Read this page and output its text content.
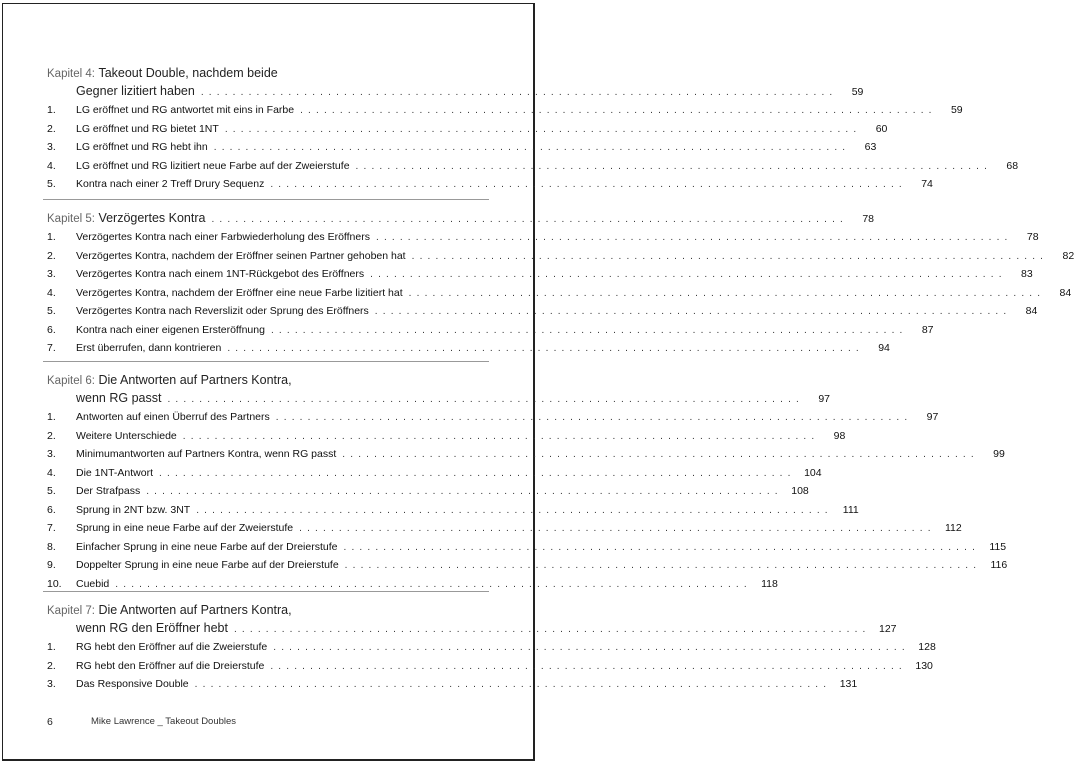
Kapitel 4:
Takeout Double, nachdem beide
Gegner lizitiert haben . . . . . . . . . . . . . . . . . . . . . . . . . . . . . . . . . . . . . . . . . . . . . . . . . . . . . . . . . . . . . . . . . . . . . . . . . . . . . . . .	59
1.	LG eröffnet und RG antwortet mit eins in Farbe . . . . . . . . . . . . . . . . . . . . . . . . . . . . . . . . . . . . . . . . . . . . . . . . . . . . . . . . . . . . . . . . . . . . . . . . . . . . . . . .	59
2.	LG eröffnet und RG bietet 1NT . . . . . . . . . . . . . . . . . . . . . . . . . . . . . . . . . . . . . . . . . . . . . . . . . . . . . . . . . . . . . . . . . . . . . . . . . . . . . . . .	60
3.	LG eröffnet und RG hebt ihn . . . . . . . . . . . . . . . . . . . . . . . . . . . . . . . . . . . . . . . . . . . . . . . . . . . . . . . . . . . . . . . . . . . . . . . . . . . . . . . .	63
4.	LG eröffnet und RG lizitiert neue Farbe auf der Zweierstufe . . . . . . . . . . . . . . . . . . . . . . . . . . . . . . . . . . . . . . . . . . . . . . . . . . . . . . . . . . . . . . . . . . . . . . . . . . . . . . . .	68
5.	Kontra nach einer 2 Treff Drury Sequenz . . . . . . . . . . . . . . . . . . . . . . . . . . . . . . . . . . . . . . . . . . . . . . . . . . . . . . . . . . . . . . . . . . . . . . . . . . . . . . . .	74
Kapitel 5:
Verzögertes Kontra . . . . . . . . . . . . . . . . . . . . . . . . . . . . . . . . . . . . . . . . . . . . . . . . . . . . . . . . . . . . . . . . . . . . . . . . . . . . . . . .	78
1.	Verzögertes Kontra nach einer Farbwiederholung des Eröffners . . . . . . . . . . . . . . . . . . . . . . . . . . . . . . . . . . . . . . . . . . . . . . . . . . . . . . . . . . . . . . . . . . . . . . . . . . . . . . . .	78
2.	Verzögertes Kontra, nachdem der Eröffner seinen Partner gehoben hat . . . . . . . . . . . . . . . . . . . . . . . . . . . . . . . . . . . . . . . . . . . . . . . . . . . . . . . . . . . . . . . . . . . . . . . . . . . . . . . .	82
3.	Verzögertes Kontra nach einem 1NT-Rückgebot des Eröffners . . . . . . . . . . . . . . . . . . . . . . . . . . . . . . . . . . . . . . . . . . . . . . . . . . . . . . . . . . . . . . . . . . . . . . . . . . . . . . . .	83
4.	Verzögertes Kontra, nachdem der Eröffner eine neue Farbe lizitiert hat . . . . . . . . . . . . . . . . . . . . . . . . . . . . . . . . . . . . . . . . . . . . . . . . . . . . . . . . . . . . . . . . . . . . . . . . . . . . . . . .	84
5.	Verzögertes Kontra nach Reverslizit oder Sprung des Eröffners . . . . . . . . . . . . . . . . . . . . . . . . . . . . . . . . . . . . . . . . . . . . . . . . . . . . . . . . . . . . . . . . . . . . . . . . . . . . . . . .	84
6.	Kontra nach einer eigenen Ersteröffnung . . . . . . . . . . . . . . . . . . . . . . . . . . . . . . . . . . . . . . . . . . . . . . . . . . . . . . . . . . . . . . . . . . . . . . . . . . . . . . . .	87
7.	Erst überrufen, dann kontrieren . . . . . . . . . . . . . . . . . . . . . . . . . . . . . . . . . . . . . . . . . . . . . . . . . . . . . . . . . . . . . . . . . . . . . . . . . . . . . . . .	94
Kapitel 6:
Die Antworten auf Partners Kontra,
wenn RG passt . . . . . . . . . . . . . . . . . . . . . . . . . . . . . . . . . . . . . . . . . . . . . . . . . . . . . . . . . . . . . . . . . . . . . . . . . . . . . . . .	97
1.	Antworten auf einen Überruf des Partners . . . . . . . . . . . . . . . . . . . . . . . . . . . . . . . . . . . . . . . . . . . . . . . . . . . . . . . . . . . . . . . . . . . . . . . . . . . . . . . .	97
2.	Weitere Unterschiede . . . . . . . . . . . . . . . . . . . . . . . . . . . . . . . . . . . . . . . . . . . . . . . . . . . . . . . . . . . . . . . . . . . . . . . . . . . . . . . .	98
3.	Minimumantworten auf Partners Kontra, wenn RG passt . . . . . . . . . . . . . . . . . . . . . . . . . . . . . . . . . . . . . . . . . . . . . . . . . . . . . . . . . . . . . . . . . . . . . . . . . . . . . . . .	99
4.	Die 1NT-Antwort . . . . . . . . . . . . . . . . . . . . . . . . . . . . . . . . . . . . . . . . . . . . . . . . . . . . . . . . . . . . . . . . . . . . . . . . . . . . . . . .	104
5.	Der Strafpass . . . . . . . . . . . . . . . . . . . . . . . . . . . . . . . . . . . . . . . . . . . . . . . . . . . . . . . . . . . . . . . . . . . . . . . . . . . . . . . .	108
6.	Sprung in 2NT bzw. 3NT . . . . . . . . . . . . . . . . . . . . . . . . . . . . . . . . . . . . . . . . . . . . . . . . . . . . . . . . . . . . . . . . . . . . . . . . . . . . . . . .	111
7.	Sprung in eine neue Farbe auf der Zweierstufe . . . . . . . . . . . . . . . . . . . . . . . . . . . . . . . . . . . . . . . . . . . . . . . . . . . . . . . . . . . . . . . . . . . . . . . . . . . . . . . .	112
8.	Einfacher Sprung in eine neue Farbe auf der Dreierstufe . . . . . . . . . . . . . . . . . . . . . . . . . . . . . . . . . . . . . . . . . . . . . . . . . . . . . . . . . . . . . . . . . . . . . . . . . . . . . . . .	115
9.	Doppelter Sprung in eine neue Farbe auf der Dreierstufe . . . . . . . . . . . . . . . . . . . . . . . . . . . . . . . . . . . . . . . . . . . . . . . . . . . . . . . . . . . . . . . . . . . . . . . . . . . . . . . .	116
10.	Cuebid . . . . . . . . . . . . . . . . . . . . . . . . . . . . . . . . . . . . . . . . . . . . . . . . . . . . . . . . . . . . . . . . . . . . . . . . . . . . . . . .	118
Kapitel 7:
Die Antworten auf Partners Kontra,
wenn RG den Eröffner hebt . . . . . . . . . . . . . . . . . . . . . . . . . . . . . . . . . . . . . . . . . . . . . . . . . . . . . . . . . . . . . . . . . . . . . . . . . . . . . . . .	127
1.	RG hebt den Eröffner auf die Zweierstufe . . . . . . . . . . . . . . . . . . . . . . . . . . . . . . . . . . . . . . . . . . . . . . . . . . . . . . . . . . . . . . . . . . . . . . . . . . . . . . . .	128
2.	RG hebt den Eröffner auf die Dreierstufe . . . . . . . . . . . . . . . . . . . . . . . . . . . . . . . . . . . . . . . . . . . . . . . . . . . . . . . . . . . . . . . . . . . . . . . . . . . . . . . .	130
3.	Das Responsive Double . . . . . . . . . . . . . . . . . . . . . . . . . . . . . . . . . . . . . . . . . . . . . . . . . . . . . . . . . . . . . . . . . . . . . . . . . . . . . . . .	131
6	Mike Lawrence _ Takeout Doubles
